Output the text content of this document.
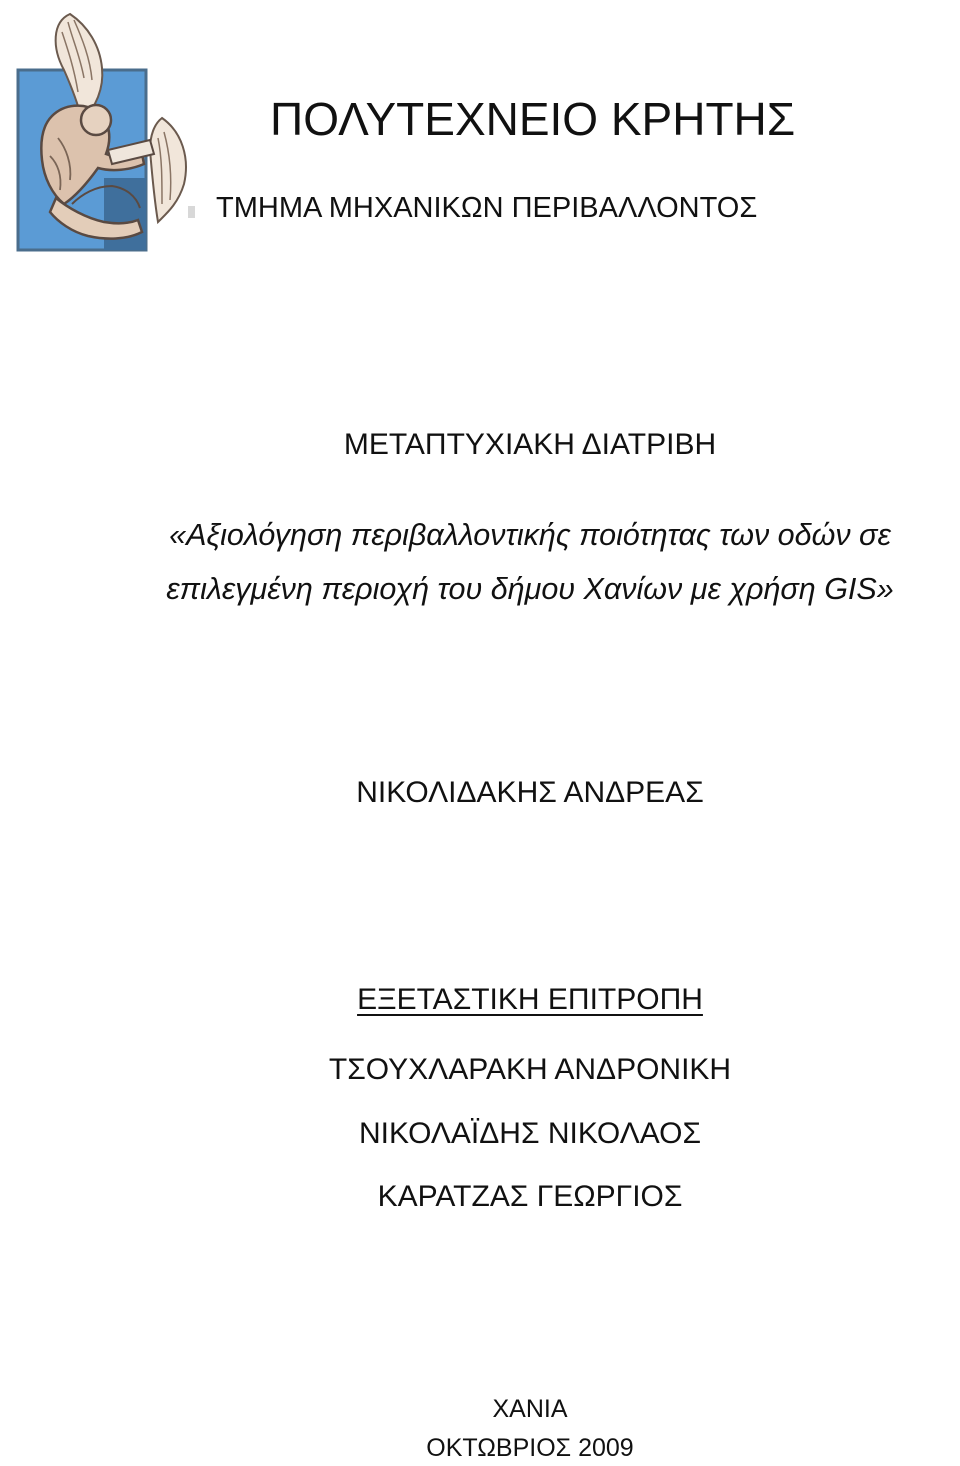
ΠΟΛΥΤΕΧΝΕΙΟ ΚΡΗΤΗΣ
ΤΜΗΜΑ ΜΗΧΑΝΙΚΩΝ ΠΕΡΙΒΑΛΛΟΝΤΟΣ
ΜΕΤΑΠΤΥΧΙΑΚΗ ΔΙΑΤΡΙΒΗ
«Αξιολόγηση περιβαλλοντικής ποιότητας των οδών σε
επιλεγμένη περιοχή του δήμου Χανίων με χρήση GIS»
ΝΙΚΟΛΙΔΑΚΗΣ ΑΝΔΡΕΑΣ
ΕΞΕΤΑΣΤΙΚΗ ΕΠΙΤΡΟΠΗ
ΤΣΟΥΧΛΑΡΑΚΗ ΑΝΔΡΟΝΙΚΗ
ΝΙΚΟΛΑΪΔΗΣ ΝΙΚΟΛΑΟΣ
ΚΑΡΑΤΖΑΣ ΓΕΩΡΓΙΟΣ
ΧΑΝΙΑ
ΟΚΤΩΒΡΙΟΣ 2009
